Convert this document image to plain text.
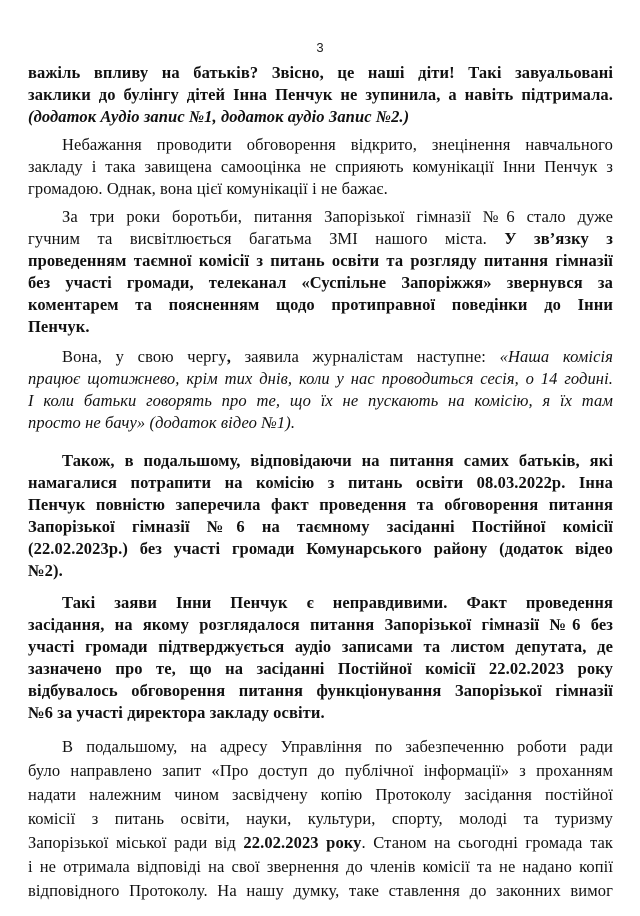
3
важіль впливу на батьків? Звісно, це наші діти! Такі завуальовані
заклики до булінгу дітей Інна Пенчук не зупинила, а навіть підтримала.
(додаток Аудіо запис №1, додаток аудіо Запис №2.)
Небажання проводити обговорення відкрито, знецінення навчального
закладу і така завищена самооцінка не сприяють комунікації Інни Пенчук з
громадою. Однак, вона цієї комунікації і не бажає.
За три роки боротьби, питання Запорізької гімназії №6 стало дуже
гучним та висвітлюється багатьма ЗМІ нашого міста. У зв’язку з
проведенням таємної комісії з питань освіти та розгляду питання гімназії
без участі громади, телеканал «Суспільне Запоріжжя» звернувся за
коментарем та поясненням щодо протиправної поведінки до Інни
Пенчук.
Вона, у свою чергу, заявила журналістам наступне: «Наша комісія
працює щотижнево, крім тих днів, коли у нас проводиться сесія, о 14 годині.
І коли батьки говорять про те, що їх не пускають на комісію, я їх там
просто не бачу» (додаток відео №1).
Також, в подальшому, відповідаючи на питання самих батьків, які
намагалися потрапити на комісію з питань освіти 08.03.2022р. Інна
Пенчук повністю заперечила факт проведення та обговорення питання
Запорізької гімназії №6 на таємному засіданні Постійної комісії
(22.02.2023р.) без участі громади Комунарського району (додаток відео
№2).
Такі заяви Інни Пенчук є неправдивими. Факт проведення
засідання, на якому розглядалося питання Запорізької гімназії №6 без
участі громади підтверджується аудіо записами та листом депутата, де
зазначено про те, що на засіданні Постійної комісії 22.02.2023 року
відбувалось обговорення питання функціонування Запорізької гімназії
№6 за участі директора закладу освіти.
В подальшому, на адресу Управління по забезпеченню роботи ради
було направлено запит «Про доступ до публічної інформації» з проханням
надати належним чином засвідчену копію Протоколу засідання постійної
комісії з питань освіти, науки, культури, спорту, молоді та туризму
Запорізької міської ради від 22.02.2023 року. Станом на сьогодні громада так
і не отримала відповіді на свої звернення до членів комісії та не надано копії
відповідного Протоколу. На нашу думку, таке ставлення до законних вимог
